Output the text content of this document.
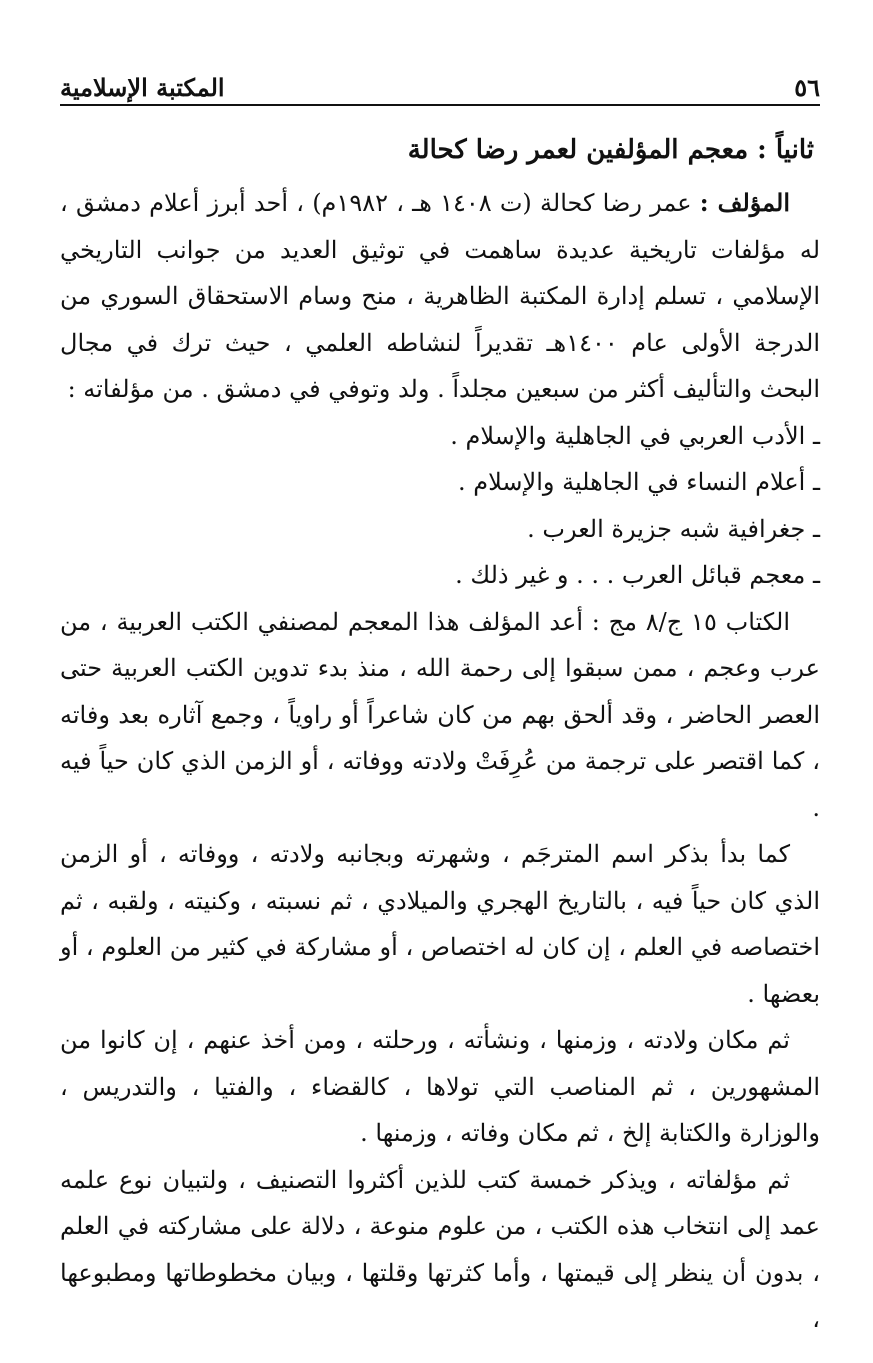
٥٦
المكتبة الإسلامية
ثانياً : معجم المؤلفين لعمر رضا كحالة

المؤلف : عمر رضا كحالة (ت ١٤٠٨ هـ ، ١٩٨٢م) ، أحد أبرز أعلام دمشق ، له مؤلفات تاريخية عديدة ساهمت في توثيق العديد من جوانب التاريخي الإسلامي ، تسلم إدارة المكتبة الظاهرية ، منح وسام الاستحقاق السوري من الدرجة الأولى عام ١٤٠٠هـ تقديراً لنشاطه العلمي ، حيث ترك في مجال البحث والتأليف أكثر من سبعين مجلداً . ولد وتوفي في دمشق . من مؤلفاته :

ـ الأدب العربي في الجاهلية والإسلام .

ـ أعلام النساء في الجاهلية والإسلام .

ـ جغرافية شبه جزيرة العرب .

ـ معجم قبائل العرب . . . و غير ذلك .

الكتاب ١٥ ج/٨ مج : أعد المؤلف هذا المعجم لمصنفي الكتب العربية ، من عرب وعجم ، ممن سبقوا إلى رحمة الله ، منذ بدء تدوين الكتب العربية حتى العصر الحاضر ، وقد ألحق بهم من كان شاعراً أو راوياً ، وجمع آثاره بعد وفاته ، كما اقتصر على ترجمة من عُرِفَتْ ولادته ووفاته ، أو الزمن الذي كان حياً فيه .

كما بدأ بذكر اسم المترجَم ، وشهرته وبجانبه ولادته ، ووفاته ، أو الزمن الذي كان حياً فيه ، بالتاريخ الهجري والميلادي ، ثم نسبته ، وكنيته ، ولقبه ، ثم اختصاصه في العلم ، إن كان له اختصاص ، أو مشاركة في كثير من العلوم ، أو بعضها .

ثم مكان ولادته ، وزمنها ، ونشأته ، ورحلته ، ومن أخذ عنهم ، إن كانوا من المشهورين ، ثم المناصب التي تولاها ، كالقضاء ، والفتيا ، والتدريس ، والوزارة والكتابة إلخ ، ثم مكان وفاته ، وزمنها .

ثم مؤلفاته ، ويذكر خمسة كتب للذين أكثروا التصنيف ، ولتبيان نوع علمه عمد إلى انتخاب هذه الكتب ، من علوم منوعة ، دلالة على مشاركته في العلم ، بدون أن ينظر إلى قيمتها ، وأما كثرتها وقلتها ، وبيان مخطوطاتها ومطبوعها ،
